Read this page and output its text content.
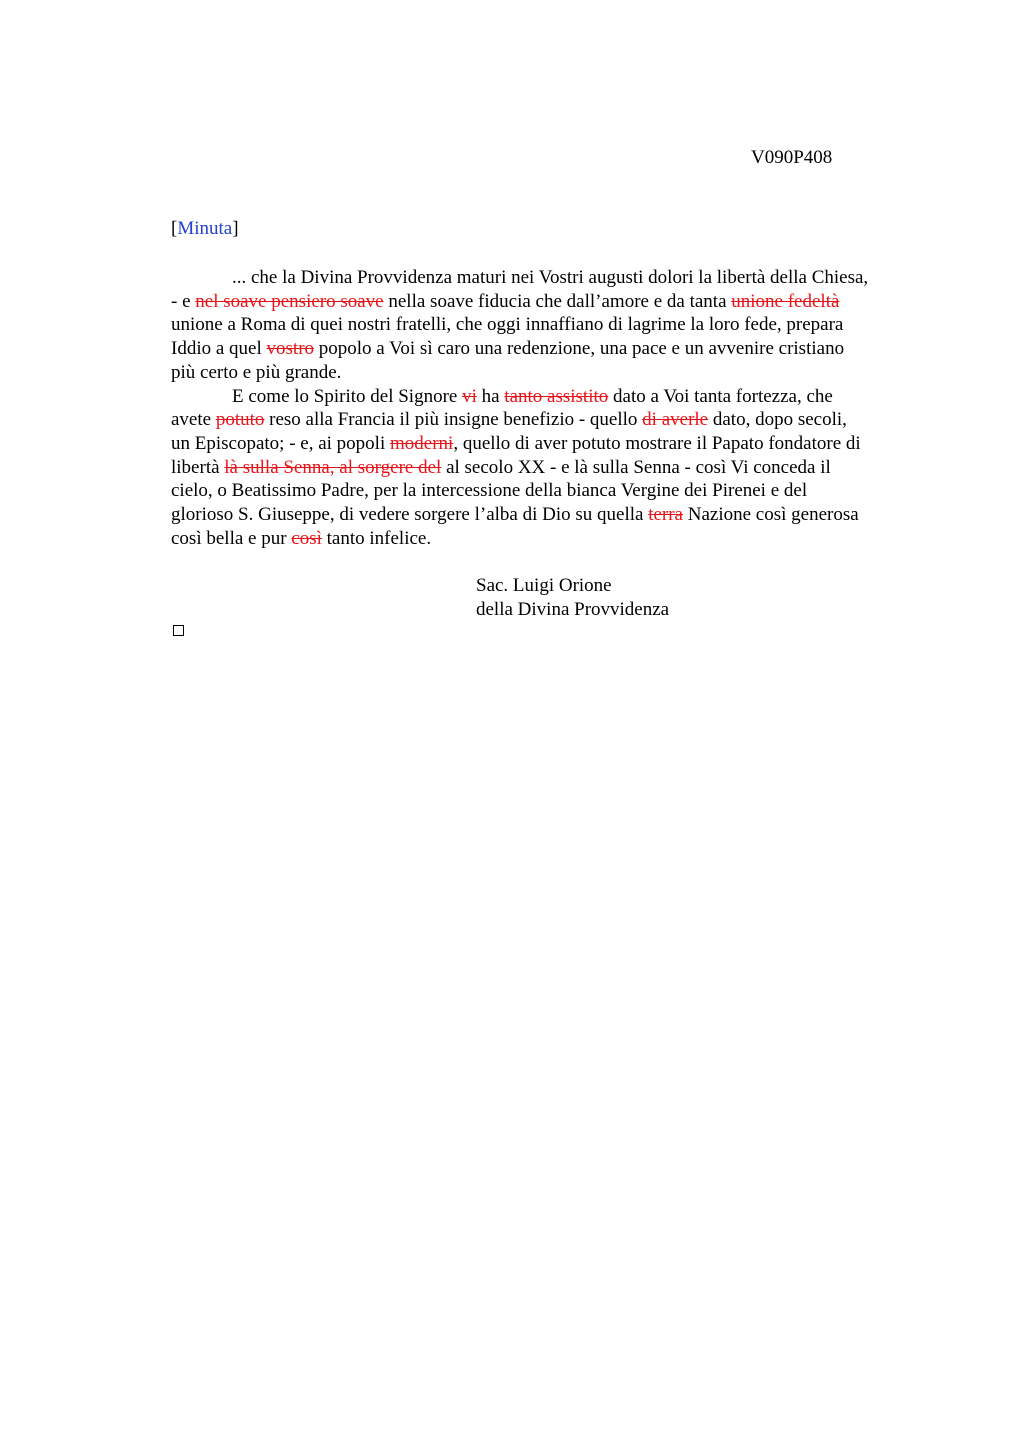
V090P408
[Minuta]

... che la Divina Provvidenza maturi nei Vostri augusti dolori la libertà della Chiesa,
- e nel soave pensiero soave nella soave fiducia che dall’amore e da tanta unione fedeltà
unione a Roma di quei nostri fratelli, che oggi innaffiano di lagrime la loro fede, prepara
Iddio a quel vostro popolo a Voi sì caro una redenzione, una pace e un avvenire cristiano
più certo e più grande.

E come lo Spirito del Signore vi ha tanto assistito dato a Voi tanta fortezza, che
avete potuto reso alla Francia il più insigne benefizio - quello di averle dato, dopo secoli,
un Episcopato; - e, ai popoli moderni, quello di aver potuto mostrare il Papato fondatore di
libertà là sulla Senna, al sorgere del al secolo XX - e là sulla Senna - così Vi conceda il
cielo, o Beatissimo Padre, per la intercessione della bianca Vergine dei Pirenei e del
glorioso S. Giuseppe, di vedere sorgere l’alba di Dio su quella terra Nazione così generosa
così bella e pur così tanto infelice.

Sac. Luigi Orione
della Divina Provvidenza
